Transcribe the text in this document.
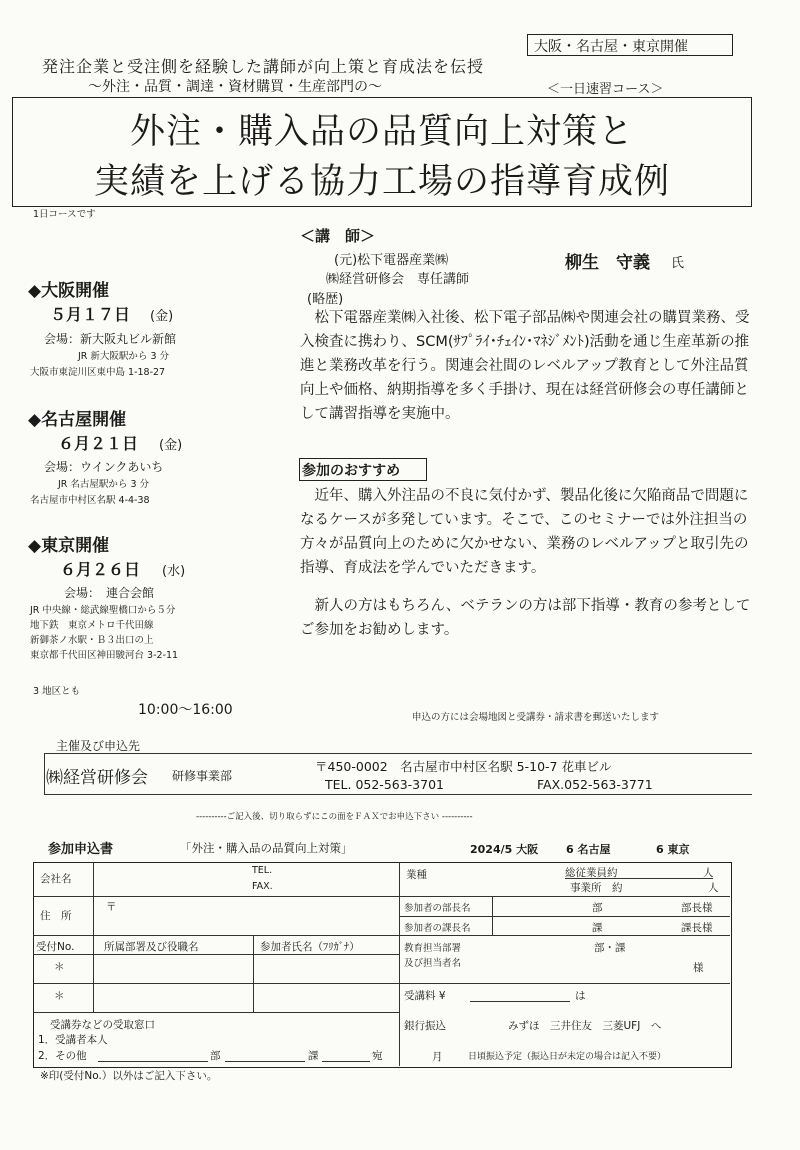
大阪・名古屋・東京開催
発注企業と受注側を経験した講師が向上策と育成法を伝授
～外注・品質・調達・資材購買・生産部門の～	＜一日速習コース＞
外注・購入品の品質向上対策と
実績を上げる協力工場の指導育成例
1日コースです
◆大阪開催
５月１７日 (金)
会場：新大阪丸ビル新館
JR 新大阪駅から 3 分
大阪市東淀川区東中島 1-18-27
◆名古屋開催
６月２１日 (金)
会場：ウインクあいち
JR 名古屋駅から 3 分
名古屋市中村区名駅 4-4-38
◆東京開催
６月２６日 (水)
会場：　連合会館
JR 中央線・総武線聖橋口から５分
地下鉄　東京メトロ千代田線
新御茶ノ水駅・Ｂ３出口の上
東京都千代田区神田駿河台 3-2-11
3 地区とも
10:00～16:00
＜講　師＞
(元)松下電器産業㈱
㈱経営研修会　専任講師
柳生　守義 氏
(略歴)
松下電器産業㈱入社後、松下電子部品㈱や関連会社の購買業務、受入検査に携わり、SCM(ｻﾌﾟﾗｲ･ﾁｪｲﾝ･ﾏﾈｼﾞﾒﾝﾄ)活動を通じ生産革新の推進と業務改革を行う。関連会社間のレベルアップ教育として外注品質向上や価格、納期指導を多く手掛け、現在は経営研修会の専任講師として講習指導を実施中。
参加のおすすめ
近年、購入外注品の不良に気付かず、製品化後に欠陥商品で問題になるケースが多発しています。そこで、このセミナーでは外注担当の方々が品質向上のために欠かせない、業務のレベルアップと取引先の指導、育成法を学んでいただきます。
新人の方はもちろん、ベテランの方は部下指導・教育の参考としてご参加をお勧めします。
申込の方には会場地図と受講券・請求書を郵送いたします
主催及び申込先
㈱経営研修会 研修事業部
〒450-0002　名古屋市中村区名駅 5-10-7 花車ビル
TEL. 052-563-3701	FAX.052-563-3771
----------ご記入後、切り取らずにこの面をＦＡＸでお申込下さい ----------
参加申込書	「外注・購入品の品質向上対策」	2024/5 大阪	6 名古屋	6 東京
会社名
TEL.
FAX.
住　所
〒
受付No.	所属部署及び役職名	参加者氏名（ﾌﾘｶﾞﾅ）
＊
＊
受講券などの受取窓口
1．受講者本人
2．その他	部	課	宛
業種	総従業員約	人
事業所　約	人
参加者の部長名	部	部長様
参加者の課長名	課	課長様
教育担当部署
及び担当者名
部・課
様
受講料 ¥	は
銀行振込	みずほ　三井住友　三菱UFJ　へ
月	日頃振込予定（振込日が未定の場合は記入不要）
※印(受付No.）以外はご記入下さい。
